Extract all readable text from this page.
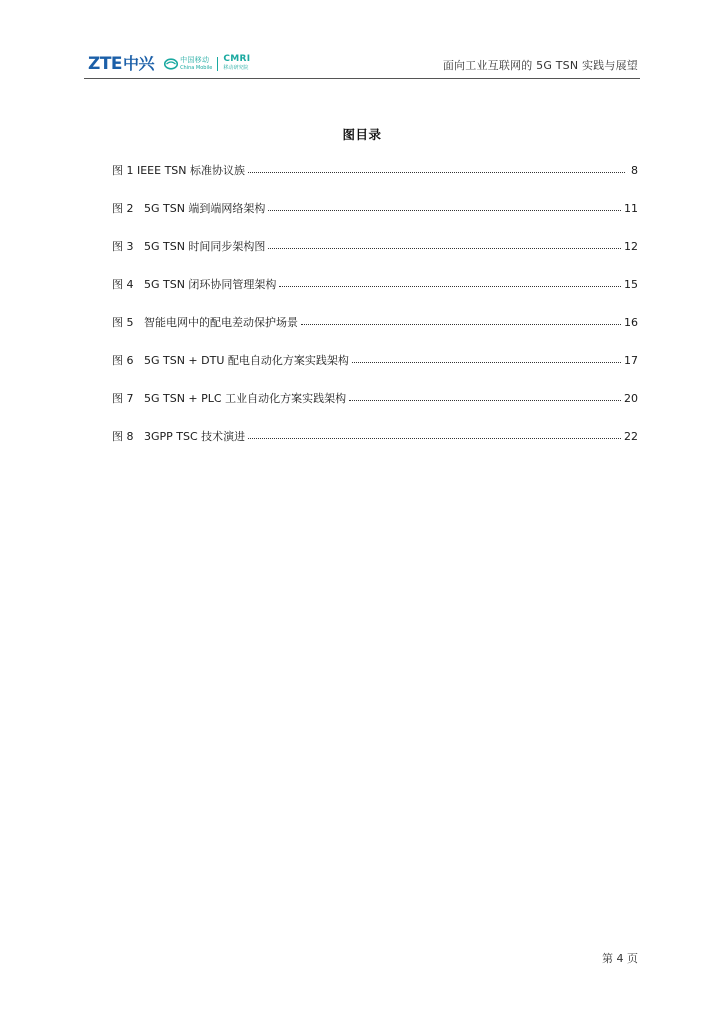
ZTE中兴	中国移动
China Mobile
CMRI
移动研究院	面向工业互联网的 5G TSN 实践与展望
图目录
图 1 IEEE TSN 标准协议族	8
图 2   5G TSN 端到端网络架构	11
图 3   5G TSN 时间同步架构图	12
图 4   5G TSN 闭环协同管理架构	15
图 5   智能电网中的配电差动保护场景	16
图 6   5G TSN + DTU 配电自动化方案实践架构	17
图 7   5G TSN + PLC 工业自动化方案实践架构	20
图 8   3GPP TSC 技术演进	22
第 4 页
